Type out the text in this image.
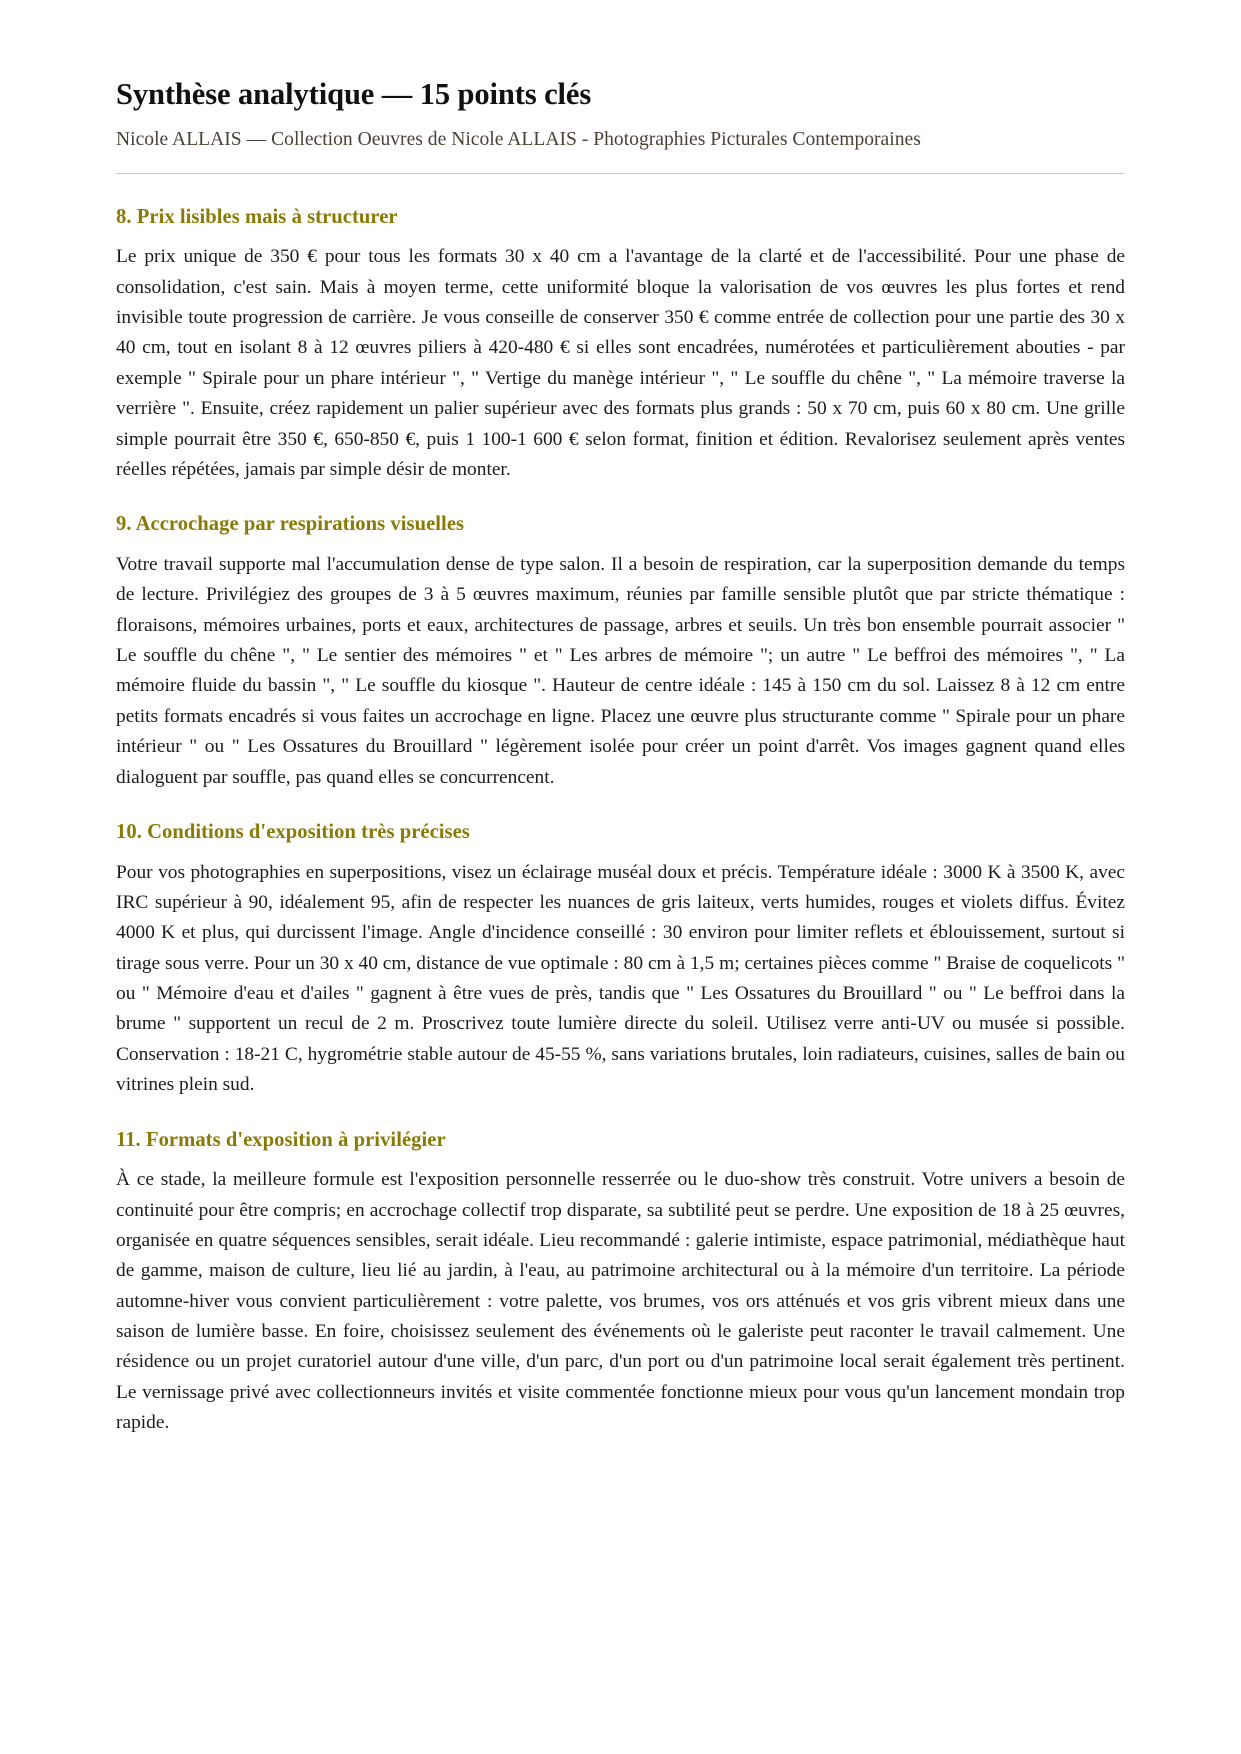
Synthèse analytique — 15 points clés
Nicole ALLAIS — Collection Oeuvres de Nicole ALLAIS - Photographies Picturales Contemporaines
8. Prix lisibles mais à structurer

Le prix unique de 350 € pour tous les formats 30 x 40 cm a l'avantage de la clarté et de l'accessibilité. Pour une phase de consolidation, c'est sain. Mais à moyen terme, cette uniformité bloque la valorisation de vos œuvres les plus fortes et rend invisible toute progression de carrière. Je vous conseille de conserver 350 € comme entrée de collection pour une partie des 30 x 40 cm, tout en isolant 8 à 12 œuvres piliers à 420-480 € si elles sont encadrées, numérotées et particulièrement abouties - par exemple " Spirale pour un phare intérieur ", " Vertige du manège intérieur ", " Le souffle du chêne ", " La mémoire traverse la verrière ". Ensuite, créez rapidement un palier supérieur avec des formats plus grands : 50 x 70 cm, puis 60 x 80 cm. Une grille simple pourrait être 350 €, 650-850 €, puis 1 100-1 600 € selon format, finition et édition. Revalorisez seulement après ventes réelles répétées, jamais par simple désir de monter.

9. Accrochage par respirations visuelles

Votre travail supporte mal l'accumulation dense de type salon. Il a besoin de respiration, car la superposition demande du temps de lecture. Privilégiez des groupes de 3 à 5 œuvres maximum, réunies par famille sensible plutôt que par stricte thématique : floraisons, mémoires urbaines, ports et eaux, architectures de passage, arbres et seuils. Un très bon ensemble pourrait associer " Le souffle du chêne ", " Le sentier des mémoires " et " Les arbres de mémoire "; un autre " Le beffroi des mémoires ", " La mémoire fluide du bassin ", " Le souffle du kiosque ". Hauteur de centre idéale : 145 à 150 cm du sol. Laissez 8 à 12 cm entre petits formats encadrés si vous faites un accrochage en ligne. Placez une œuvre plus structurante comme " Spirale pour un phare intérieur " ou " Les Ossatures du Brouillard " légèrement isolée pour créer un point d'arrêt. Vos images gagnent quand elles dialoguent par souffle, pas quand elles se concurrencent.

10. Conditions d'exposition très précises

Pour vos photographies en superpositions, visez un éclairage muséal doux et précis. Température idéale : 3000 K à 3500 K, avec IRC supérieur à 90, idéalement 95, afin de respecter les nuances de gris laiteux, verts humides, rouges et violets diffus. Évitez 4000 K et plus, qui durcissent l'image. Angle d'incidence conseillé : 30 environ pour limiter reflets et éblouissement, surtout si tirage sous verre. Pour un 30 x 40 cm, distance de vue optimale : 80 cm à 1,5 m; certaines pièces comme " Braise de coquelicots " ou " Mémoire d'eau et d'ailes " gagnent à être vues de près, tandis que " Les Ossatures du Brouillard " ou " Le beffroi dans la brume " supportent un recul de 2 m. Proscrivez toute lumière directe du soleil. Utilisez verre anti-UV ou musée si possible. Conservation : 18-21 C, hygrométrie stable autour de 45-55 %, sans variations brutales, loin radiateurs, cuisines, salles de bain ou vitrines plein sud.

11. Formats d'exposition à privilégier

À ce stade, la meilleure formule est l'exposition personnelle resserrée ou le duo-show très construit. Votre univers a besoin de continuité pour être compris; en accrochage collectif trop disparate, sa subtilité peut se perdre. Une exposition de 18 à 25 œuvres, organisée en quatre séquences sensibles, serait idéale. Lieu recommandé : galerie intimiste, espace patrimonial, médiathèque haut de gamme, maison de culture, lieu lié au jardin, à l'eau, au patrimoine architectural ou à la mémoire d'un territoire. La période automne-hiver vous convient particulièrement : votre palette, vos brumes, vos ors atténués et vos gris vibrent mieux dans une saison de lumière basse. En foire, choisissez seulement des événements où le galeriste peut raconter le travail calmement. Une résidence ou un projet curatoriel autour d'une ville, d'un parc, d'un port ou d'un patrimoine local serait également très pertinent. Le vernissage privé avec collectionneurs invités et visite commentée fonctionne mieux pour vous qu'un lancement mondain trop rapide.
